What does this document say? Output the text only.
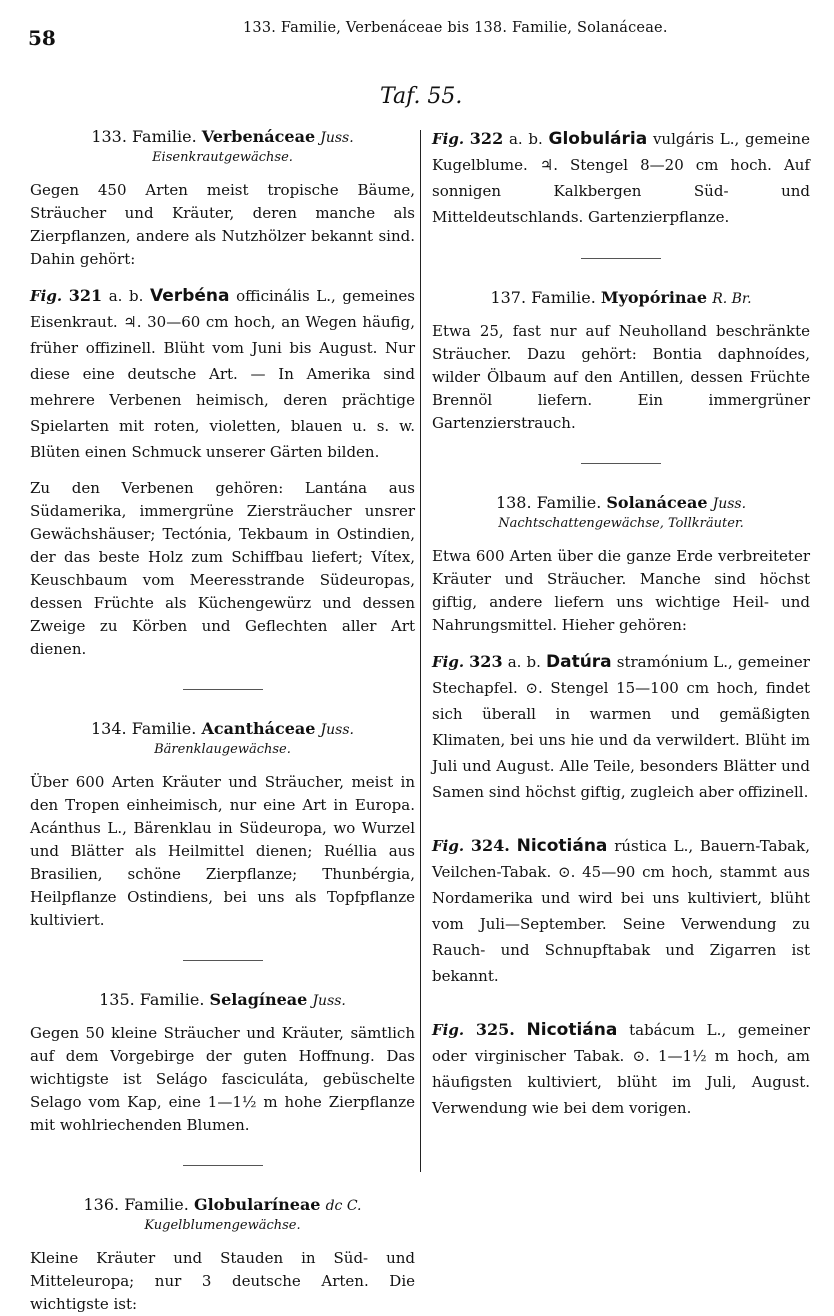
58	133. Familie, Verbenáceae bis 138. Familie, Solanáceae.
Taf. 55.

133. Familie. Verbenáceae Juss.

Eisenkrautgewächse.

Gegen 450 Arten meist tropische Bäume, Sträucher und Kräuter, deren manche als Zierpflanzen, andere als Nutzhölzer bekannt sind. Dahin gehört:

Fig. 321 a. b. Verbéna officinális L., gemeines Eisenkraut. ♃. 30—60 cm hoch, an Wegen häufig, früher offizinell. Blüht vom Juni bis August. Nur diese eine deutsche Art. — In Amerika sind mehrere Verbenen heimisch, deren prächtige Spielarten mit roten, violetten, blauen u. s. w. Blüten einen Schmuck unserer Gärten bilden.

Zu den Verbenen gehören: Lantána aus Südamerika, immergrüne Ziersträucher unsrer Gewächshäuser; Tectónia, Tekbaum in Ostindien, der das beste Holz zum Schiffbau liefert; Vítex, Keuschbaum vom Meeresstrande Südeuropas, dessen Früchte als Küchengewürz und dessen Zweige zu Körben und Geflechten aller Art dienen.

134. Familie. Acantháceae Juss.

Bärenklaugewächse.

Über 600 Arten Kräuter und Sträucher, meist in den Tropen einheimisch, nur eine Art in Europa. Acánthus L., Bärenklau in Südeuropa, wo Wurzel und Blätter als Heilmittel dienen; Ruéllia aus Brasilien, schöne Zierpflanze; Thunbérgia, Heilpflanze Ostindiens, bei uns als Topfpflanze kultiviert.

135. Familie. Selagíneae Juss.

Gegen 50 kleine Sträucher und Kräuter, sämtlich auf dem Vorgebirge der guten Hoffnung. Das wichtigste ist Selágo fasciculáta, gebüschelte Selago vom Kap, eine 1—1½ m hohe Zierpflanze mit wohlriechenden Blumen.

136. Familie. Globularíneae dc C.

Kugelblumengewächse.

Kleine Kräuter und Stauden in Süd- und Mitteleuropa; nur 3 deutsche Arten. Die wichtigste ist:

Fig. 322 a. b. Globulária vulgáris L., gemeine Kugelblume. ♃. Stengel 8—20 cm hoch. Auf sonnigen Kalkbergen Süd- und Mitteldeutschlands. Gartenzierpflanze.

137. Familie. Myopórinae R. Br.

Etwa 25, fast nur auf Neuholland beschränkte Sträucher. Dazu gehört: Bontia daphnoídes, wilder Ölbaum auf den Antillen, dessen Früchte Brennöl liefern. Ein immergrüner Gartenzierstrauch.

138. Familie. Solanáceae Juss.

Nachtschattengewächse, Tollkräuter.

Etwa 600 Arten über die ganze Erde verbreiteter Kräuter und Sträucher. Manche sind höchst giftig, andere liefern uns wichtige Heil- und Nahrungsmittel. Hieher gehören:

Fig. 323 a. b. Datúra stramónium L., gemeiner Stechapfel. ⊙. Stengel 15—100 cm hoch, findet sich überall in warmen und gemäßigten Klimaten, bei uns hie und da verwildert. Blüht im Juli und August. Alle Teile, besonders Blätter und Samen sind höchst giftig, zugleich aber offizinell.

Fig. 324. Nicotiána rústica L., Bauern-Tabak, Veilchen-Tabak. ⊙. 45—90 cm hoch, stammt aus Nordamerika und wird bei uns kultiviert, blüht vom Juli—September. Seine Verwendung zu Rauch- und Schnupftabak und Zigarren ist bekannt.

Fig. 325. Nicotiána tabácum L., gemeiner oder virginischer Tabak. ⊙. 1—1½ m hoch, am häufigsten kultiviert, blüht im Juli, August. Verwendung wie bei dem vorigen.
